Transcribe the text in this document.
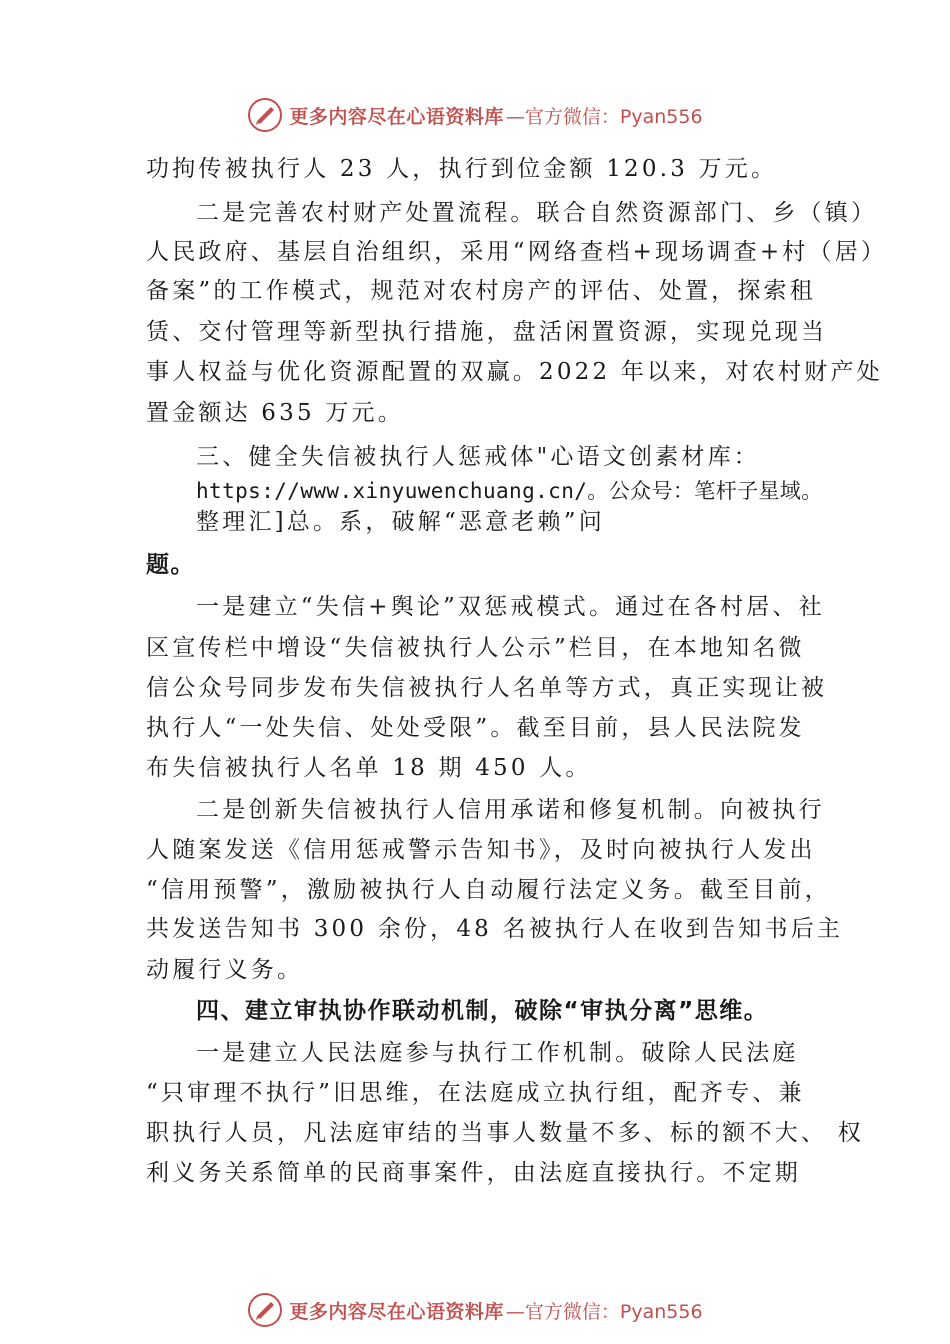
更多内容尽在心语资料库 —官方微信：Pyan556
功拘传被执行人 23 人，执行到位金额 120.3 万元。
二是完善农村财产处置流程。联合自然资源部门、乡（镇）
人民政府、基层自治组织，采用“网络查档+现场调查+村（居）
备案”的工作模式，规范对农村房产的评估、处置，探索租
赁、交付管理等新型执行措施，盘活闲置资源，实现兑现当
事人权益与优化资源配置的双赢。2022 年以来，对农村财产处
置金额达 635 万元。
三、健全失信被执行人惩戒体"心语文创素材库：
https://www.xinyuwenchuang.cn/。公众号：笔杆子星域。
整理汇]总。系，破解“恶意老赖”问
题。
一是建立“失信+舆论”双惩戒模式。通过在各村居、社
区宣传栏中增设“失信被执行人公示”栏目，在本地知名微
信公众号同步发布失信被执行人名单等方式，真正实现让被
执行人“一处失信、处处受限”。截至目前，县人民法院发
布失信被执行人名单 18 期 450 人。
二是创新失信被执行人信用承诺和修复机制。向被执行
人随案发送《信用惩戒警示告知书》，及时向被执行人发出
“信用预警”，激励被执行人自动履行法定义务。截至目前，
共发送告知书 300 余份，48 名被执行人在收到告知书后主
动履行义务。
四、建立审执协作联动机制，破除“审执分离”思维。
一是建立人民法庭参与执行工作机制。破除人民法庭
“只审理不执行”旧思维，在法庭成立执行组，配齐专、兼
职执行人员，凡法庭审结的当事人数量不多、标的额不大、 权
利义务关系简单的民商事案件，由法庭直接执行。不定期
更多内容尽在心语资料库 —官方微信：Pyan556
